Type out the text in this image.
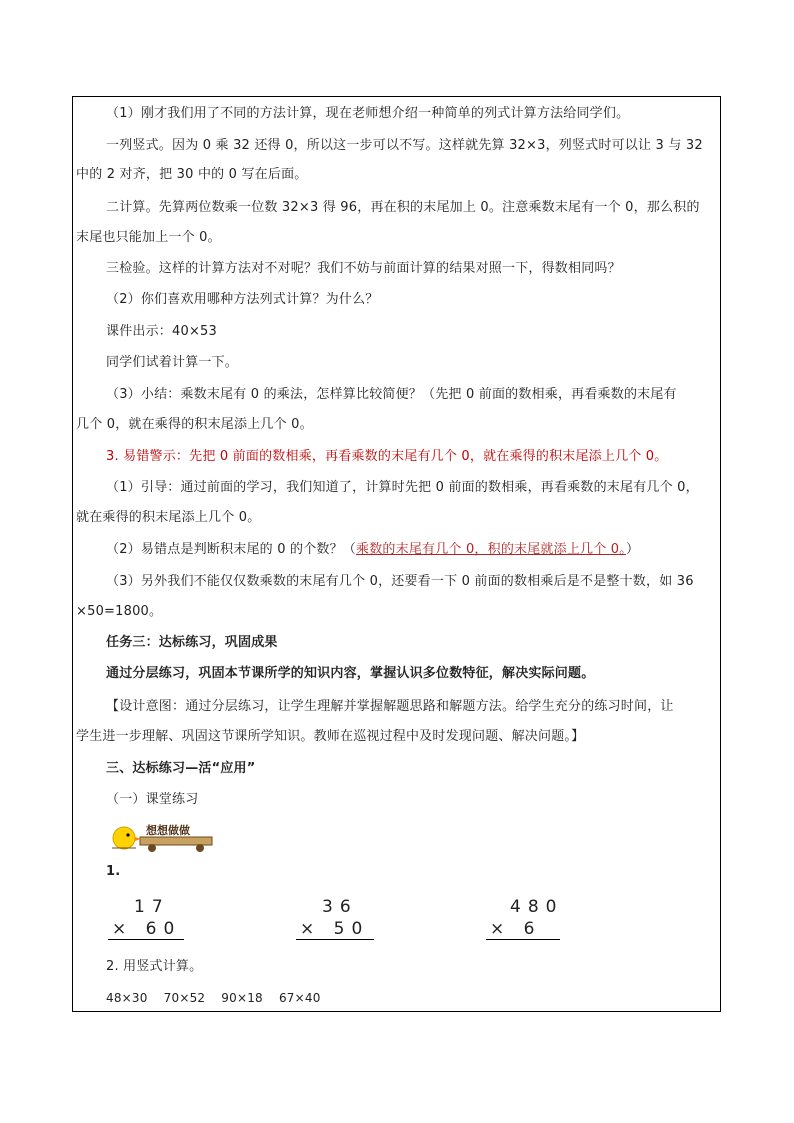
（1）刚才我们用了不同的方法计算，现在老师想介绍一种简单的列式计算方法给同学们。
一列竖式。因为 0 乘 32 还得 0，所以这一步可以不写。这样就先算 32×3，列竖式时可以让 3 与 32
中的 2 对齐，把 30 中的 0 写在后面。
二计算。先算两位数乘一位数 32×3 得 96，再在积的末尾加上 0。注意乘数末尾有一个 0，那么积的
末尾也只能加上一个 0。
三检验。这样的计算方法对不对呢？我们不妨与前面计算的结果对照一下，得数相同吗？
（2）你们喜欢用哪种方法列式计算？为什么？
课件出示：40×53
同学们试着计算一下。
（3）小结：乘数末尾有 0 的乘法，怎样算比较简便？（先把 0 前面的数相乘，再看乘数的末尾有
几个 0，就在乘得的积末尾添上几个 0。
3. 易错警示：先把 0 前面的数相乘，再看乘数的末尾有几个 0，就在乘得的积末尾添上几个 0。
（1）引导：通过前面的学习，我们知道了，计算时先把 0 前面的数相乘，再看乘数的末尾有几个 0，
就在乘得的积末尾添上几个 0。
（2）易错点是判断积末尾的 0 的个数？（乘数的末尾有几个 0，积的末尾就添上几个 0。）
（3）另外我们不能仅仅数乘数的末尾有几个 0，还要看一下 0 前面的数相乘后是不是整十数，如 36
×50=1800。
任务三：达标练习，巩固成果
通过分层练习，巩固本节课所学的知识内容，掌握认识多位数特征，解决实际问题。
【设计意图：通过分层练习，让学生理解并掌握解题思路和解题方法。给学生充分的练习时间，让
学生进一步理解、巩固这节课所学知识。教师在巡视过程中及时发现问题、解决问题。】
三、达标练习—活“应用”
（一）课堂练习
想想做做
1.
17
× 60
36
× 50
480
× 6
2. 用竖式计算。
48×30    70×52    90×18    67×40
